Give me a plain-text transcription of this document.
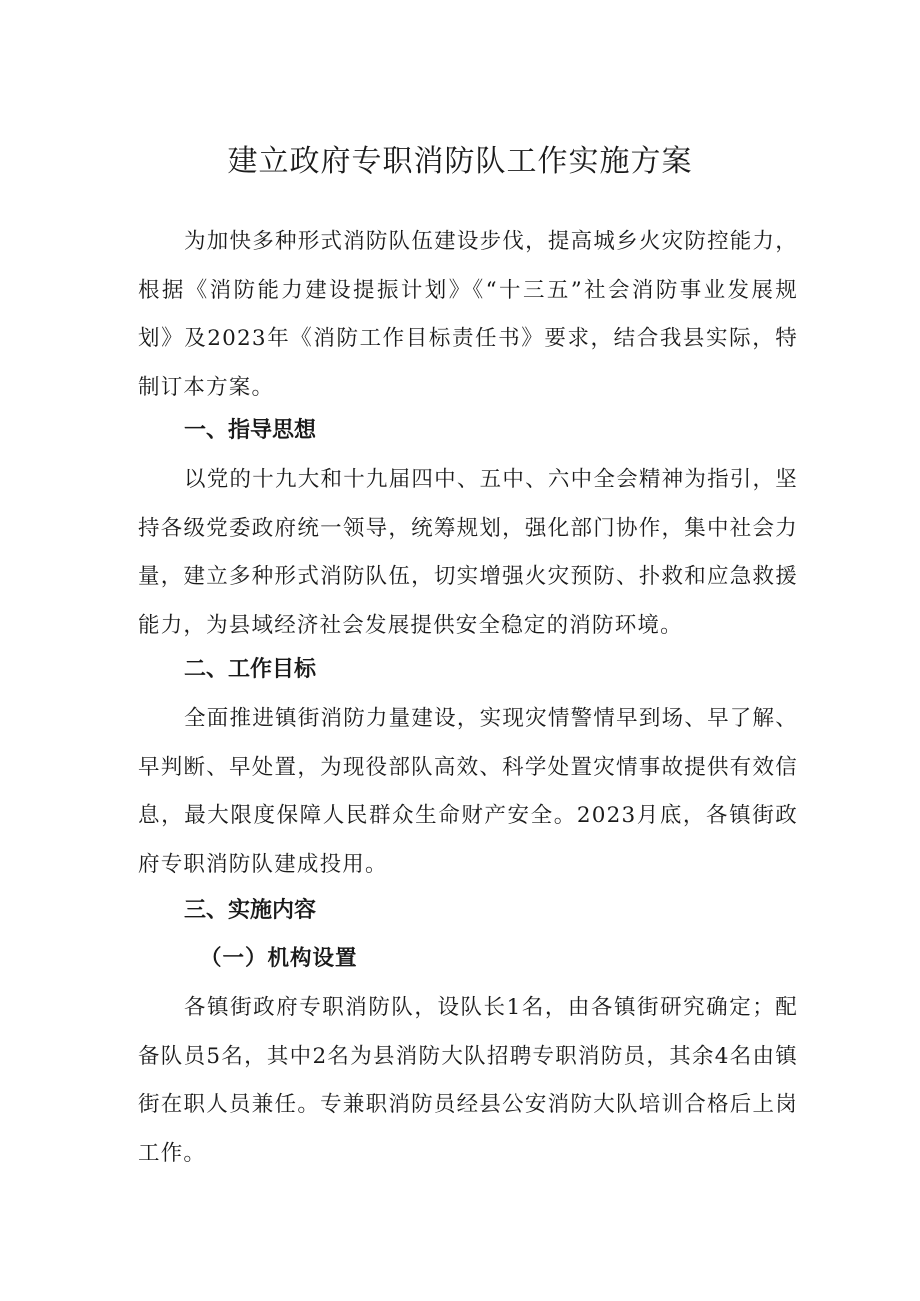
建立政府专职消防队工作实施方案

为加快多种形式消防队伍建设步伐，提高城乡火灾防控能力，根据《消防能力建设提振计划》《“十三五”社会消防事业发展规划》及2023年《消防工作目标责任书》要求，结合我县实际，特制订本方案。

一、指导思想

以党的十九大和十九届四中、五中、六中全会精神为指引，坚持各级党委政府统一领导，统筹规划，强化部门协作，集中社会力量，建立多种形式消防队伍，切实增强火灾预防、扑救和应急救援能力，为县域经济社会发展提供安全稳定的消防环境。

二、工作目标

全面推进镇街消防力量建设，实现灾情警情早到场、早了解、早判断、早处置，为现役部队高效、科学处置灾情事故提供有效信息，最大限度保障人民群众生命财产安全。2023月底，各镇街政府专职消防队建成投用。

三、实施内容
（一）机构设置

各镇街政府专职消防队，设队长1名，由各镇街研究确定；配备队员5名，其中2名为县消防大队招聘专职消防员，其余4名由镇街在职人员兼任。专兼职消防员经县公安消防大队培训合格后上岗工作。
